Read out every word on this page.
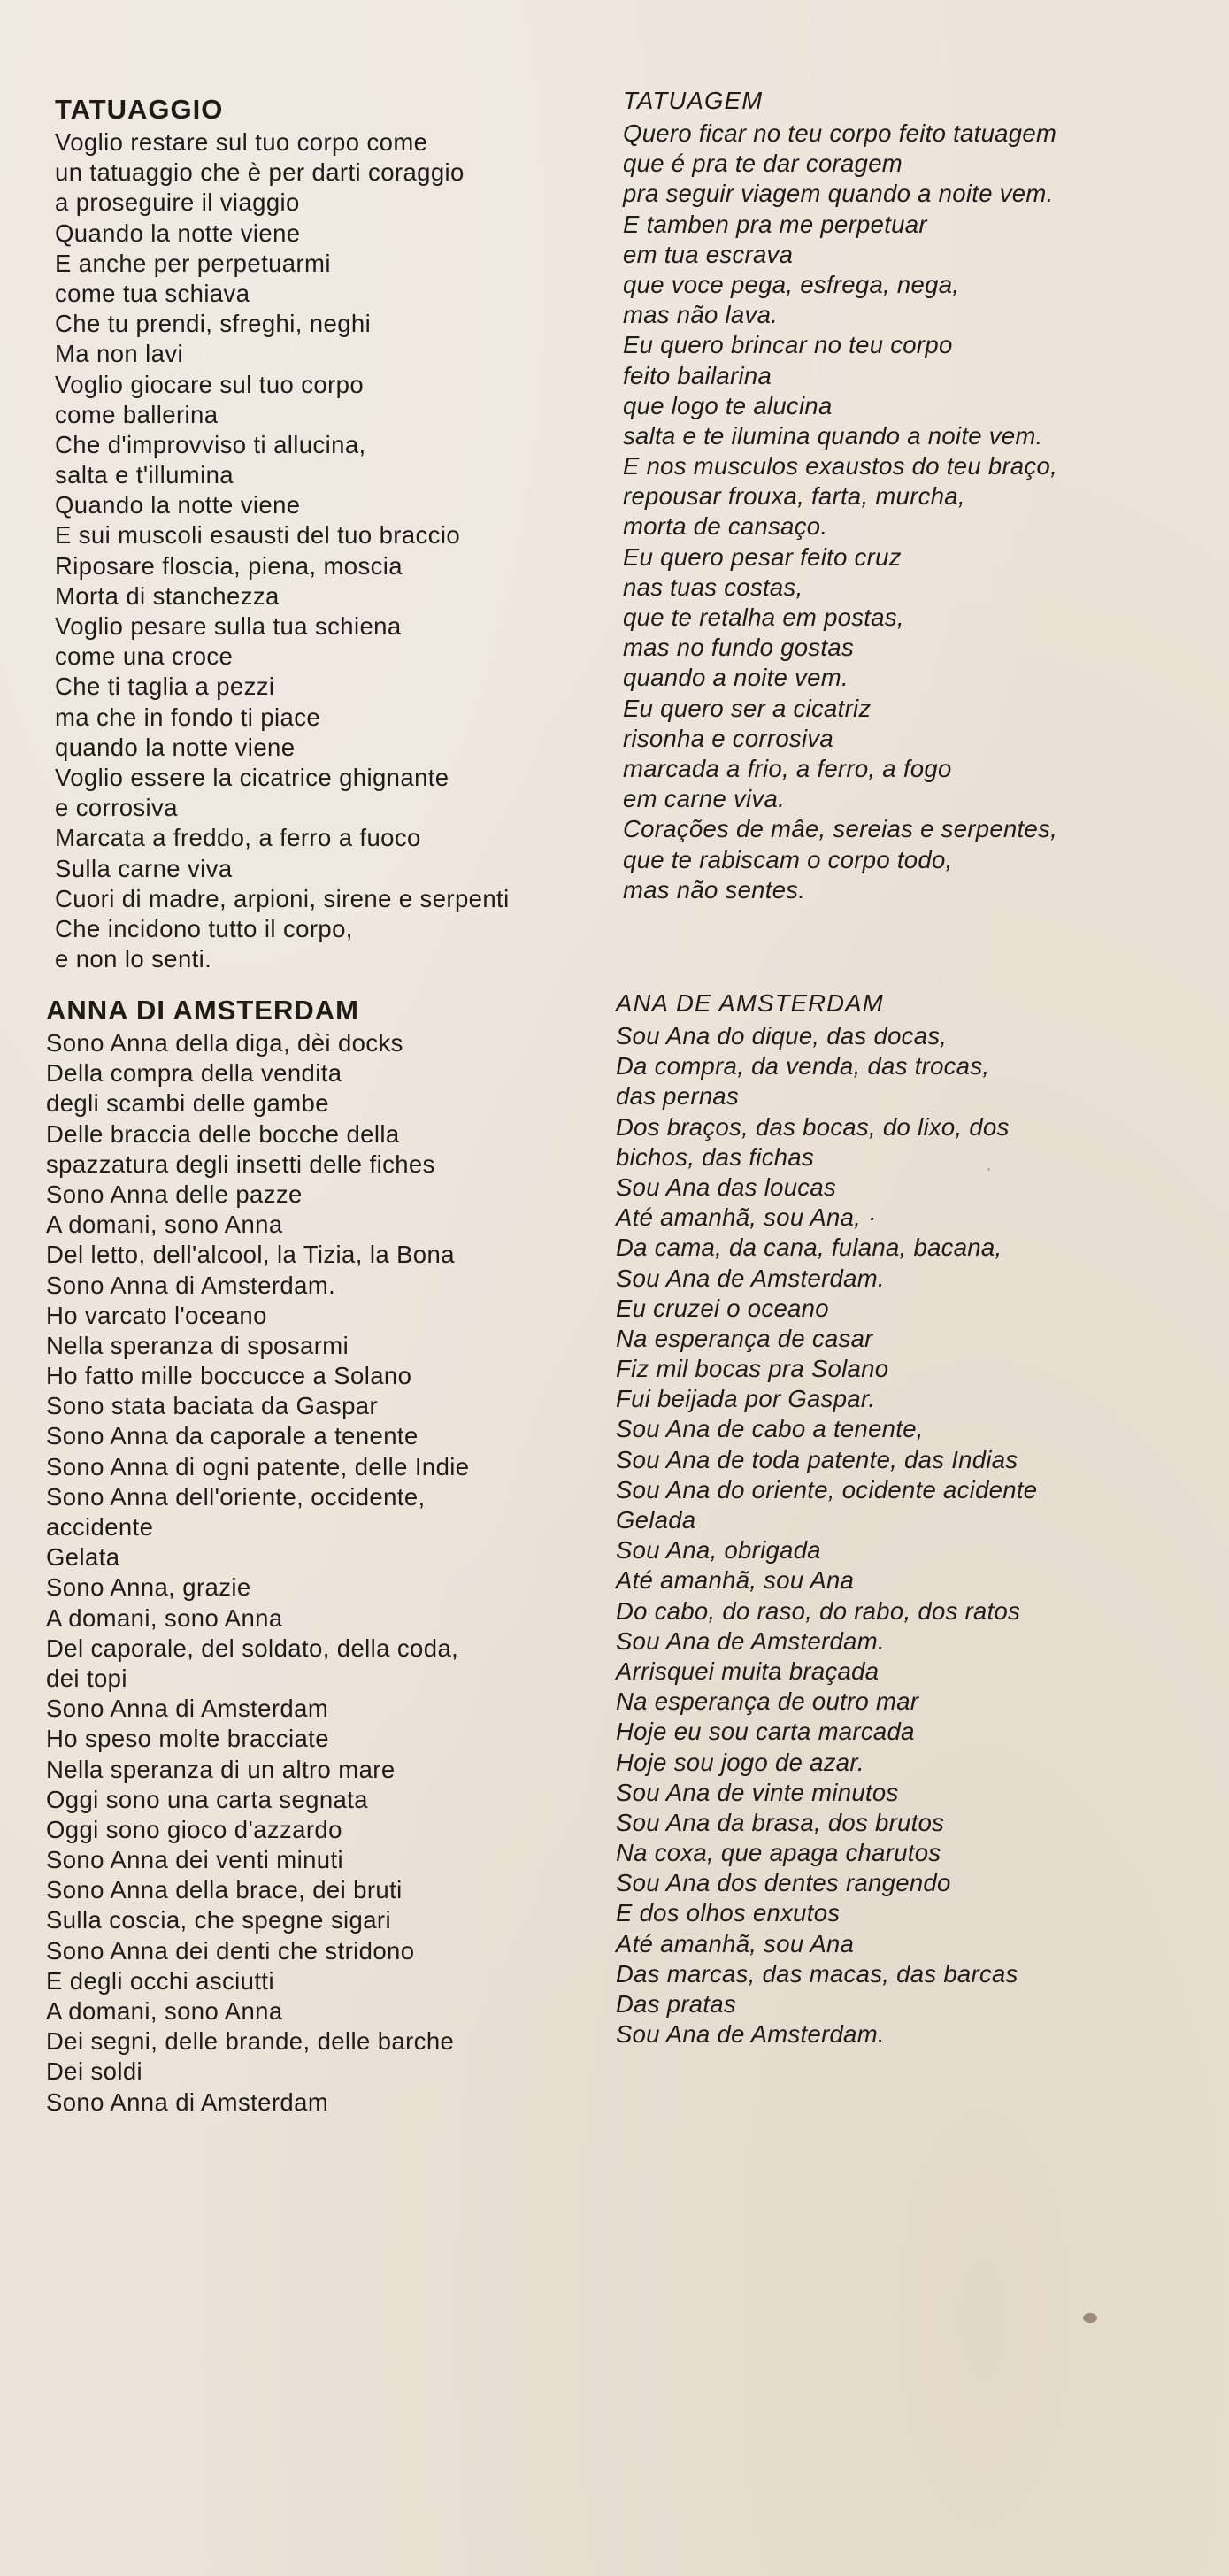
TATUAGGIO
Voglio restare sul tuo corpo come
un tatuaggio che è per darti coraggio
a proseguire il viaggio
Quando la notte viene
E anche per perpetuarmi
come tua schiava
Che tu prendi, sfreghi, neghi
Ma non lavi
Voglio giocare sul tuo corpo
come ballerina
Che d'improvviso ti allucina,
salta e t'illumina
Quando la notte viene
E sui muscoli esausti del tuo braccio
Riposare floscia, piena, moscia
Morta di stanchezza
Voglio pesare sulla tua schiena
come una croce
Che ti taglia a pezzi
ma che in fondo ti piace
quando la notte viene
Voglio essere la cicatrice ghignante
e corrosiva
Marcata a freddo, a ferro a fuoco
Sulla carne viva
Cuori di madre, arpioni, sirene e serpenti
Che incidono tutto il corpo,
e non lo senti.
TATUAGEM
Quero ficar no teu corpo feito tatuagem
que é pra te dar coragem
pra seguir viagem quando a noite vem.
E tamben pra me perpetuar
em tua escrava
que voce pega, esfrega, nega,
mas não lava.
Eu quero brincar no teu corpo
feito bailarina
que logo te alucina
salta e te ilumina quando a noite vem.
E nos musculos exaustos do teu braço,
repousar frouxa, farta, murcha,
morta de cansaço.
Eu quero pesar feito cruz
nas tuas costas,
que te retalha em postas,
mas no fundo gostas
quando a noite vem.
Eu quero ser a cicatriz
risonha e corrosiva
marcada a frio, a ferro, a fogo
em carne viva.
Corações de mâe, sereias e serpentes,
que te rabiscam o corpo todo,
mas não sentes.
ANNA DI AMSTERDAM
Sono Anna della diga, dèi docks
Della compra della vendita
degli scambi delle gambe
Delle braccia delle bocche della
spazzatura degli insetti delle fiches
Sono Anna delle pazze
A domani, sono Anna
Del letto, dell'alcool, la Tizia, la Bona
Sono Anna di Amsterdam.
Ho varcato l'oceano
Nella speranza di sposarmi
Ho fatto mille boccucce a Solano
Sono stata baciata da Gaspar
Sono Anna da caporale a tenente
Sono Anna di ogni patente, delle Indie
Sono Anna dell'oriente, occidente,
accidente
Gelata
Sono Anna, grazie
A domani, sono Anna
Del caporale, del soldato, della coda,
dei topi
Sono Anna di Amsterdam
Ho speso molte bracciate
Nella speranza di un altro mare
Oggi sono una carta segnata
Oggi sono gioco d'azzardo
Sono Anna dei venti minuti
Sono Anna della brace, dei bruti
Sulla coscia, che spegne sigari
Sono Anna dei denti che stridono
E degli occhi asciutti
A domani, sono Anna
Dei segni, delle brande, delle barche
Dei soldi
Sono Anna di Amsterdam
ANA DE AMSTERDAM
Sou Ana do dique, das docas,
Da compra, da venda, das trocas,
das pernas
Dos braços, das bocas, do lixo, dos
bichos, das fichas
Sou Ana das loucas
Até amanhã, sou Ana, ·
Da cama, da cana, fulana, bacana,
Sou Ana de Amsterdam.
Eu cruzei o oceano
Na esperança de casar
Fiz mil bocas pra Solano
Fui beijada por Gaspar.
Sou Ana de cabo a tenente,
Sou Ana de toda patente, das Indias
Sou Ana do oriente, ocidente acidente
Gelada
Sou Ana, obrigada
Até amanhã, sou Ana
Do cabo, do raso, do rabo, dos ratos
Sou Ana de Amsterdam.
Arrisquei muita braçada
Na esperança de outro mar
Hoje eu sou carta marcada
Hoje sou jogo de azar.
Sou Ana de vinte minutos
Sou Ana da brasa, dos brutos
Na coxa, que apaga charutos
Sou Ana dos dentes rangendo
E dos olhos enxutos
Até amanhã, sou Ana
Das marcas, das macas, das barcas
Das pratas
Sou Ana de Amsterdam.
